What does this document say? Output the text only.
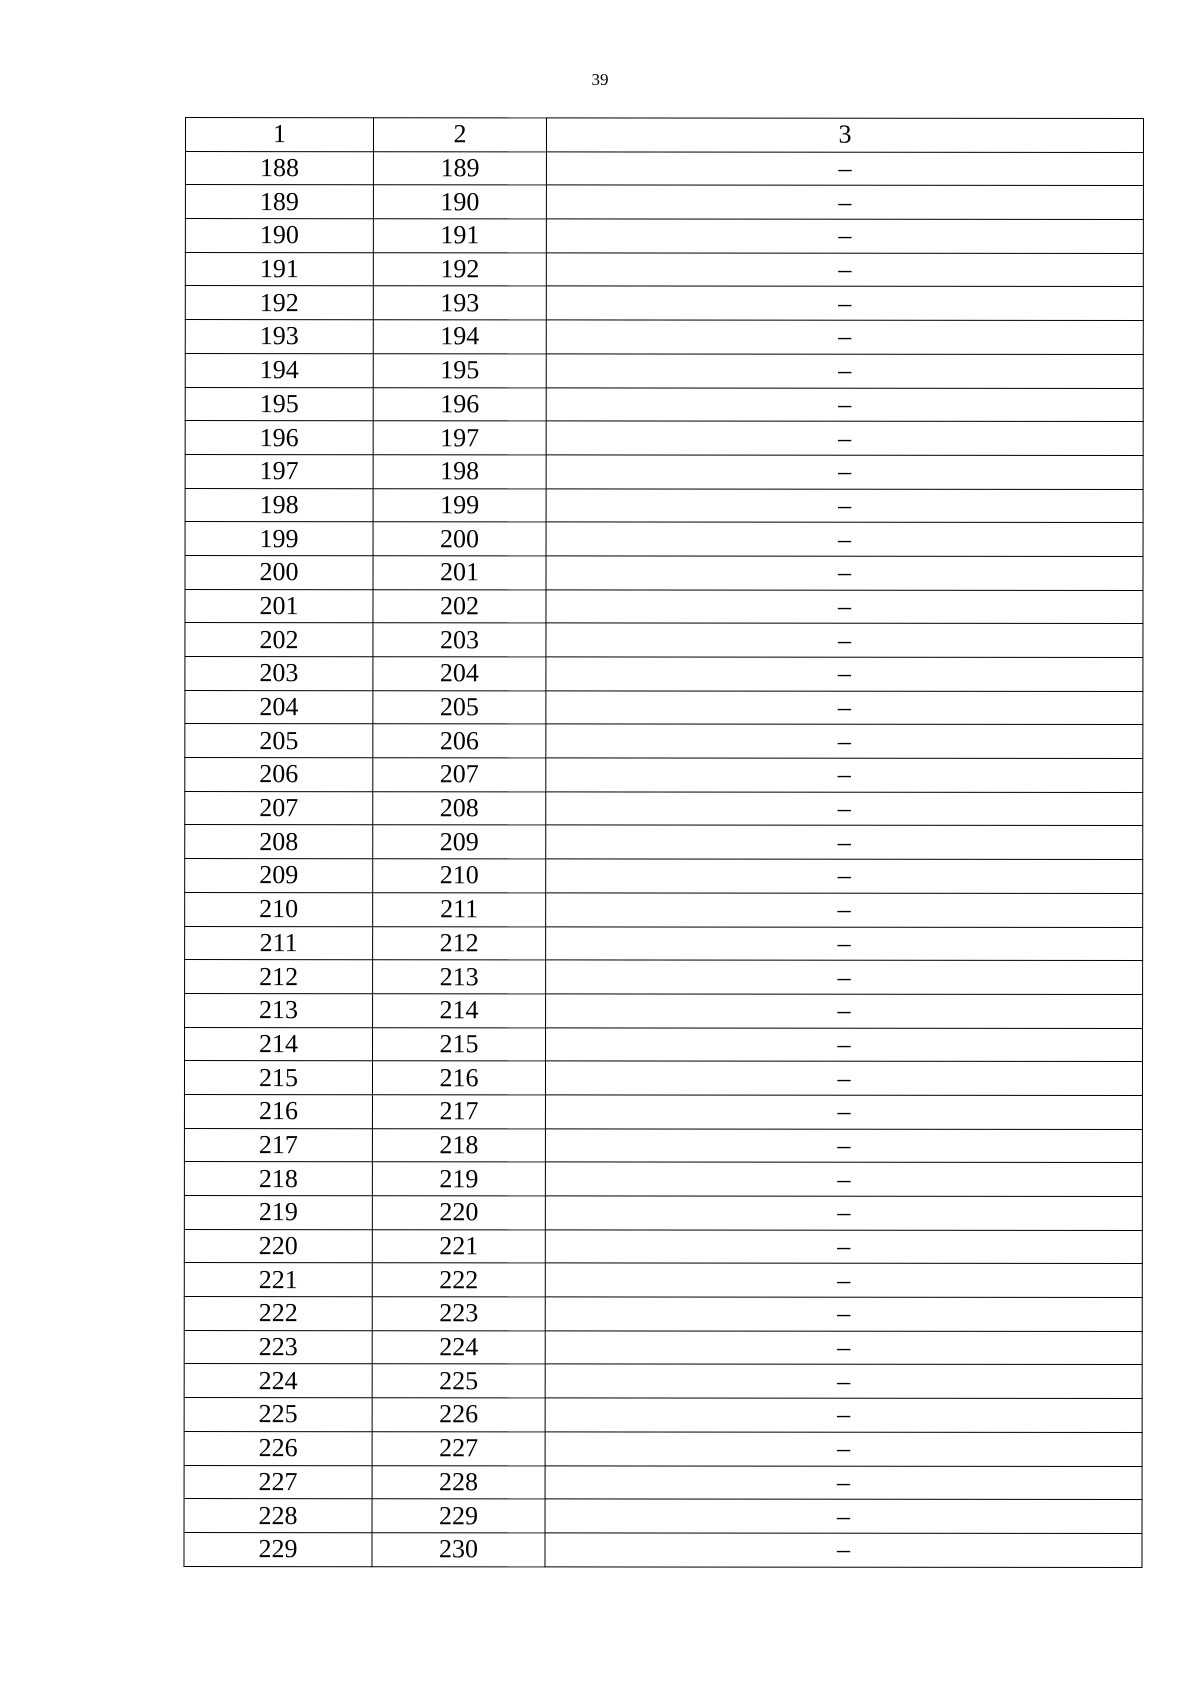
39
1	2	3
188	189	–
189	190	–
190	191	–
191	192	–
192	193	–
193	194	–
194	195	–
195	196	–
196	197	–
197	198	–
198	199	–
199	200	–
200	201	–
201	202	–
202	203	–
203	204	–
204	205	–
205	206	–
206	207	–
207	208	–
208	209	–
209	210	–
210	211	–
211	212	–
212	213	–
213	214	–
214	215	–
215	216	–
216	217	–
217	218	–
218	219	–
219	220	–
220	221	–
221	222	–
222	223	–
223	224	–
224	225	–
225	226	–
226	227	–
227	228	–
228	229	–
229	230	–
